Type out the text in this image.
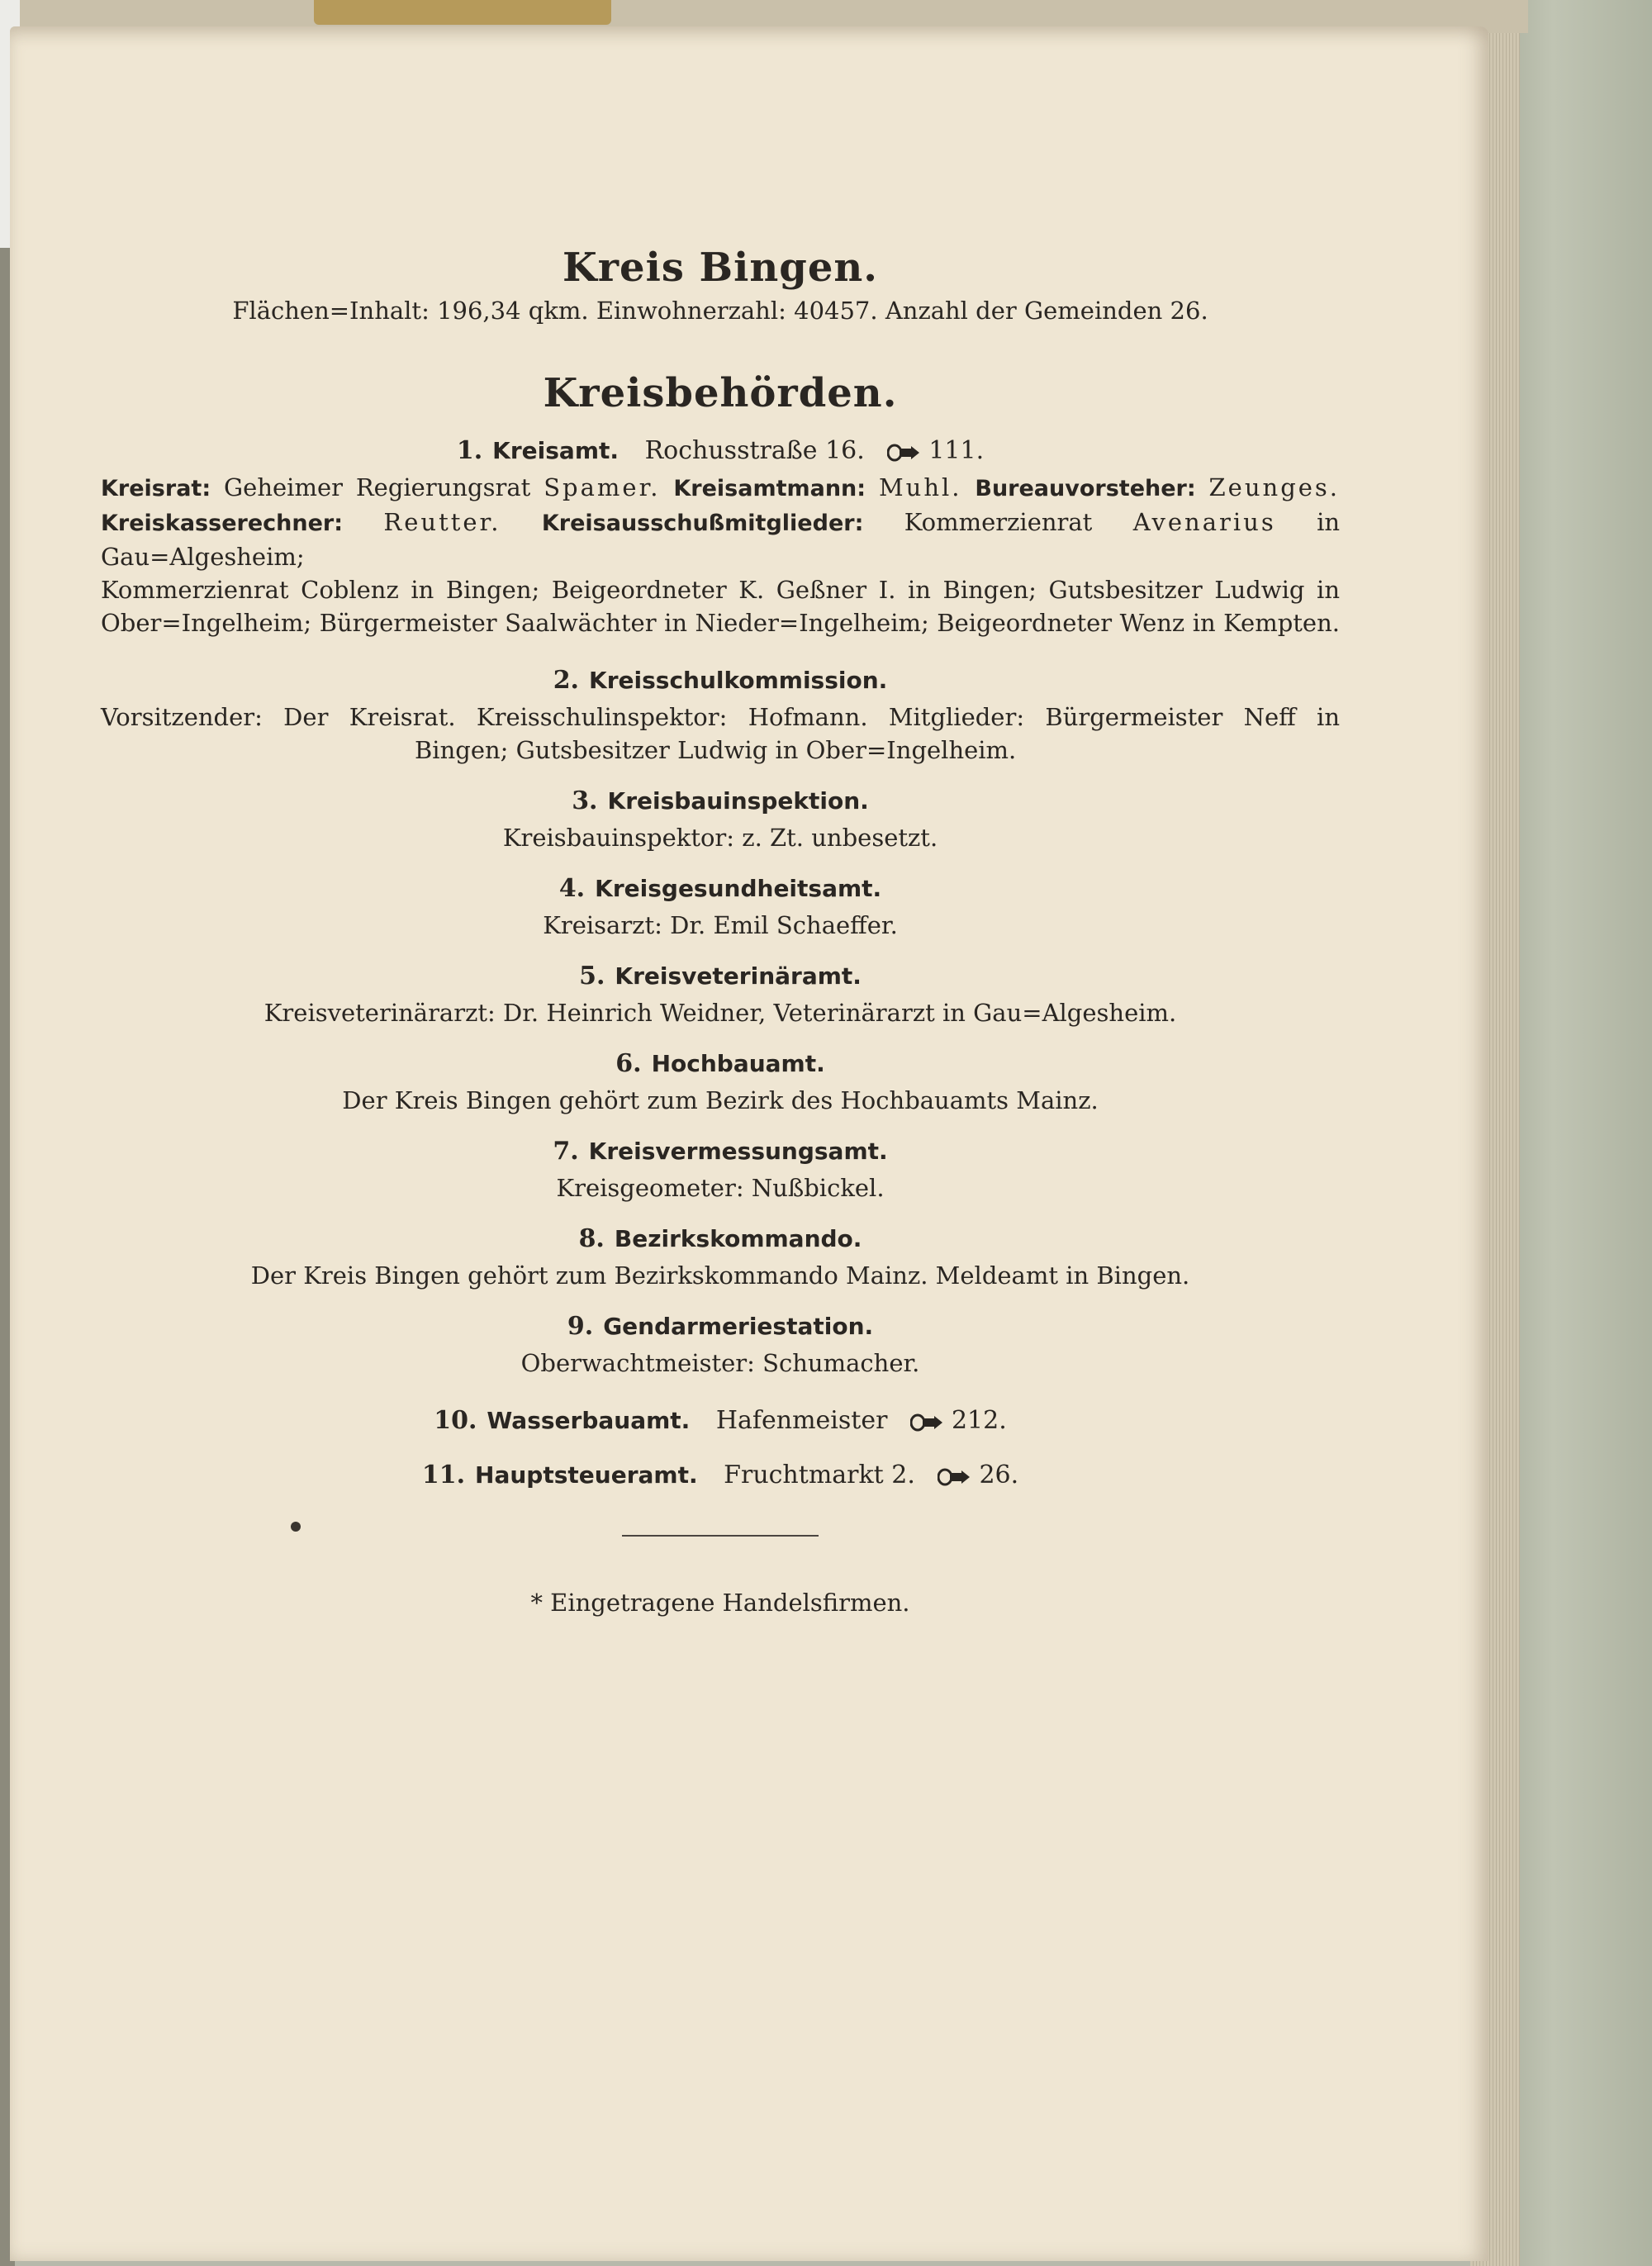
Kreis Bingen.
Flächen=Inhalt: 196,34 qkm. Einwohnerzahl: 40457. Anzahl der Gemeinden 26.
Kreisbehörden.
1. Kreisamt. Rochusstraße 16.	111.
Kreisrat: Geheimer Regierungsrat Spamer. Kreisamtmann: Muhl. Bureauvorsteher: Zeunges.
Kreiskasserechner: Reutter. Kreisausschußmitglieder: Kommerzienrat Avenarius in Gau=Algesheim;
Kommerzienrat Coblenz in Bingen; Beigeordneter K. Geßner I. in Bingen; Gutsbesitzer Ludwig in
Ober=Ingelheim; Bürgermeister Saalwächter in Nieder=Ingelheim; Beigeordneter Wenz in Kempten.
2. Kreisschulkommission.
Vorsitzender: Der Kreisrat. Kreisschulinspektor: Hofmann. Mitglieder: Bürgermeister Neff in
Bingen; Gutsbesitzer Ludwig in Ober=Ingelheim.
3. Kreisbauinspektion.
Kreisbauinspektor: z. Zt. unbesetzt.
4. Kreisgesundheitsamt.
Kreisarzt: Dr. Emil Schaeffer.
5. Kreisveterinäramt.
Kreisveterinärarzt: Dr. Heinrich Weidner, Veterinärarzt in Gau=Algesheim.
6. Hochbauamt.
Der Kreis Bingen gehört zum Bezirk des Hochbauamts Mainz.
7. Kreisvermessungsamt.
Kreisgeometer: Nußbickel.
8. Bezirkskommando.
Der Kreis Bingen gehört zum Bezirkskommando Mainz. Meldeamt in Bingen.
9. Gendarmeriestation.
Oberwachtmeister: Schumacher.
10. Wasserbauamt. Hafenmeister	212.
11. Hauptsteueramt. Fruchtmarkt 2.	26.
* Eingetragene Handelsfirmen.
